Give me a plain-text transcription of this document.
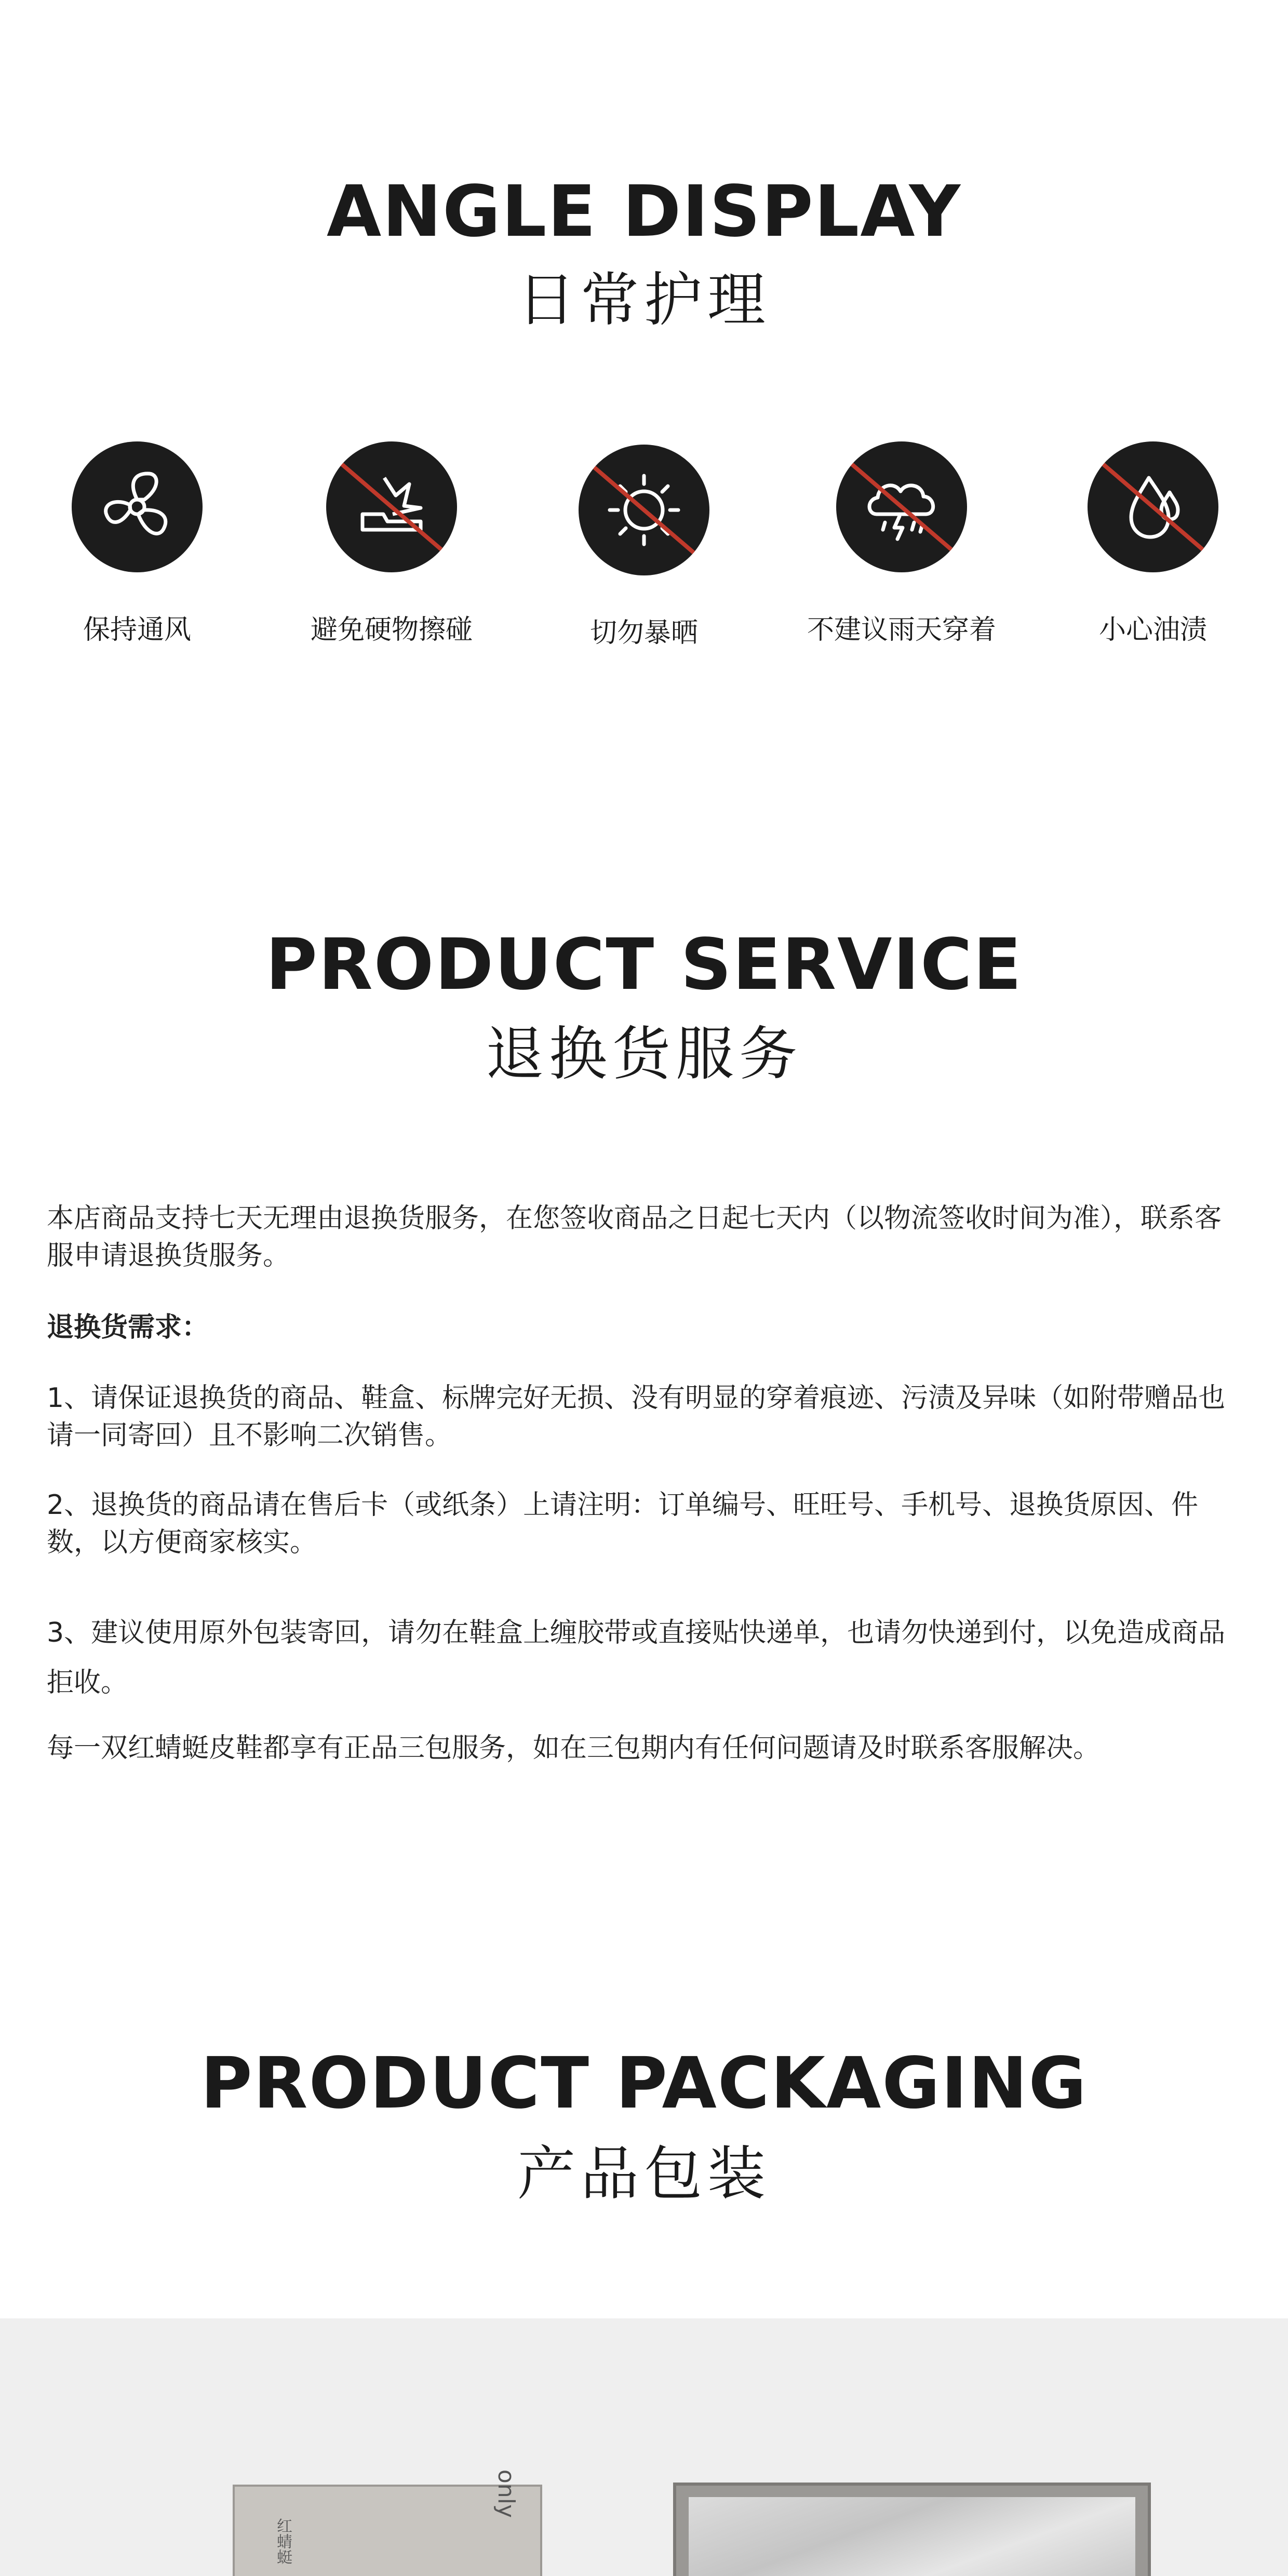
ANGLE DISPLAY
日常护理
保持通风	避免硬物擦碰	切勿暴晒	不建议雨天穿着	小心油渍
PRODUCT SERVICE
退换货服务
本店商品支持七天无理由退换货服务，在您签收商品之日起七天内（以物流签收时间为准），联系客服申请退换货服务。
退换货需求：
1、请保证退换货的商品、鞋盒、标牌完好无损、没有明显的穿着痕迹、污渍及异味（如附带赠品也请一同寄回）且不影响二次销售。
2、退换货的商品请在售后卡（或纸条）上请注明：订单编号、旺旺号、手机号、退换货原因、件数，以方便商家核实。
3、建议使用原外包装寄回，请勿在鞋盒上缠胶带或直接贴快递单，也请勿快递到付，以免造成商品拒收。
每一双红蜻蜓皮鞋都享有正品三包服务，如在三包期内有任何问题请及时联系客服解决。
PRODUCT PACKAGING
产品包装
红蜻蜓
only
